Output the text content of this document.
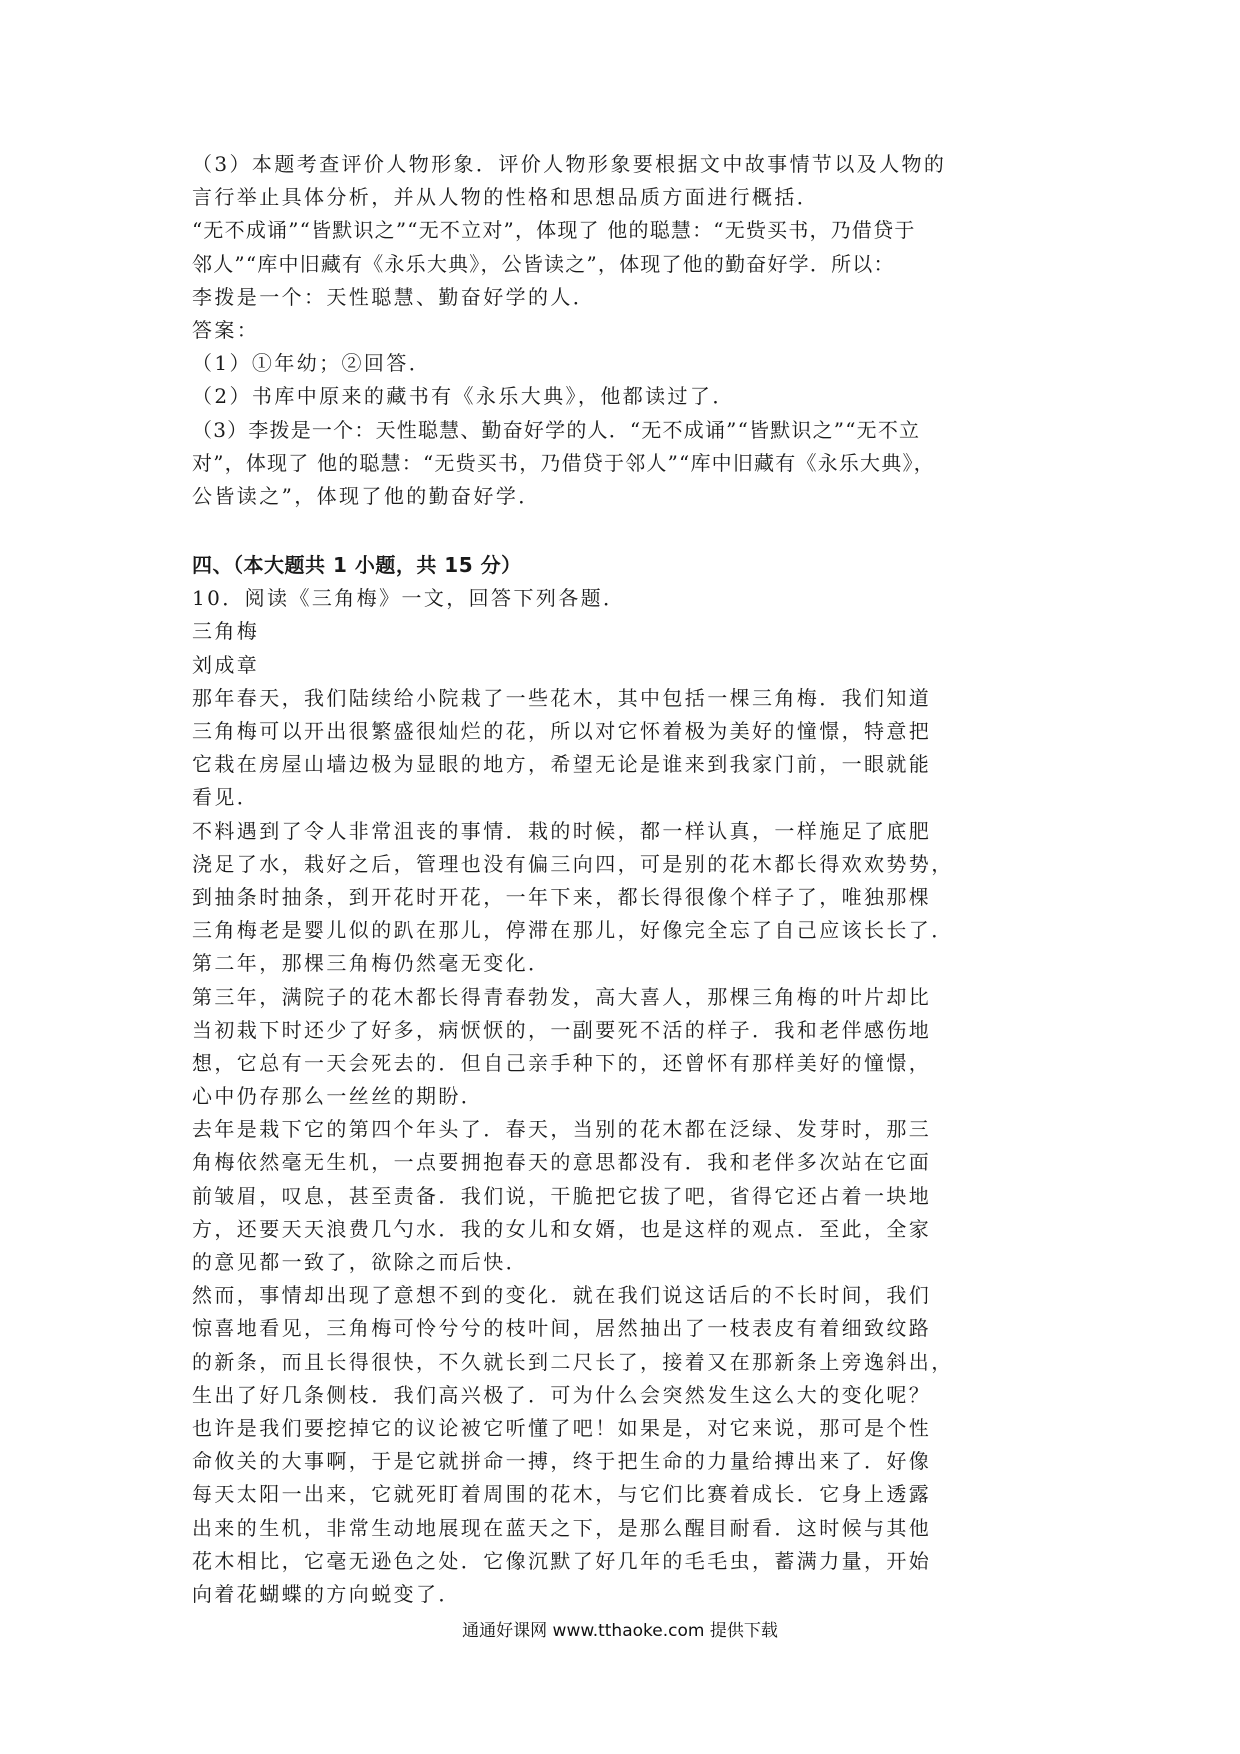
（3）本题考查评价人物形象．评价人物形象要根据文中故事情节以及人物的
言行举止具体分析，并从人物的性格和思想品质方面进行概括．
“无不成诵”“皆默识之”“无不立对”，体现了 他的聪慧：“无赀买书，乃借贷于
邻人”“库中旧藏有《永乐大典》，公皆读之”，体现了他的勤奋好学．所以：
李拨是一个：天性聪慧、勤奋好学的人．
答案：
（1）①年幼；②回答．
（2）书库中原来的藏书有《永乐大典》，他都读过了．
（3）李拨是一个：天性聪慧、勤奋好学的人．“无不成诵”“皆默识之”“无不立
对”，体现了 他的聪慧：“无赀买书，乃借贷于邻人”“库中旧藏有《永乐大典》，
公皆读之”，体现了他的勤奋好学．
四、（本大题共 1 小题，共 15 分）
10．阅读《三角梅》一文，回答下列各题．
三角梅
刘成章
那年春天，我们陆续给小院栽了一些花木，其中包括一棵三角梅．我们知道
三角梅可以开出很繁盛很灿烂的花，所以对它怀着极为美好的憧憬，特意把
它栽在房屋山墙边极为显眼的地方，希望无论是谁来到我家门前，一眼就能
看见．
不料遇到了令人非常沮丧的事情．栽的时候，都一样认真，一样施足了底肥
浇足了水，栽好之后，管理也没有偏三向四，可是别的花木都长得欢欢势势，
到抽条时抽条，到开花时开花，一年下来，都长得很像个样子了，唯独那棵
三角梅老是婴儿似的趴在那儿，停滞在那儿，好像完全忘了自己应该长长了．
第二年，那棵三角梅仍然毫无变化．
第三年，满院子的花木都长得青春勃发，高大喜人，那棵三角梅的叶片却比
当初栽下时还少了好多，病恹恹的，一副要死不活的样子．我和老伴感伤地
想，它总有一天会死去的．但自己亲手种下的，还曾怀有那样美好的憧憬，
心中仍存那么一丝丝的期盼．
去年是栽下它的第四个年头了．春天，当别的花木都在泛绿、发芽时，那三
角梅依然毫无生机，一点要拥抱春天的意思都没有．我和老伴多次站在它面
前皱眉，叹息，甚至责备．我们说，干脆把它拔了吧，省得它还占着一块地
方，还要天天浪费几勺水．我的女儿和女婿，也是这样的观点．至此，全家
的意见都一致了，欲除之而后快．
然而，事情却出现了意想不到的变化．就在我们说这话后的不长时间，我们
惊喜地看见，三角梅可怜兮兮的枝叶间，居然抽出了一枝表皮有着细致纹路
的新条，而且长得很快，不久就长到二尺长了，接着又在那新条上旁逸斜出，
生出了好几条侧枝．我们高兴极了．可为什么会突然发生这么大的变化呢？
也许是我们要挖掉它的议论被它听懂了吧！如果是，对它来说，那可是个性
命攸关的大事啊，于是它就拼命一搏，终于把生命的力量给搏出来了．好像
每天太阳一出来，它就死盯着周围的花木，与它们比赛着成长．它身上透露
出来的生机，非常生动地展现在蓝天之下，是那么醒目耐看．这时候与其他
花木相比，它毫无逊色之处．它像沉默了好几年的毛毛虫，蓄满力量，开始
向着花蝴蝶的方向蜕变了．
通通好课网 www.tthaoke.com 提供下载
